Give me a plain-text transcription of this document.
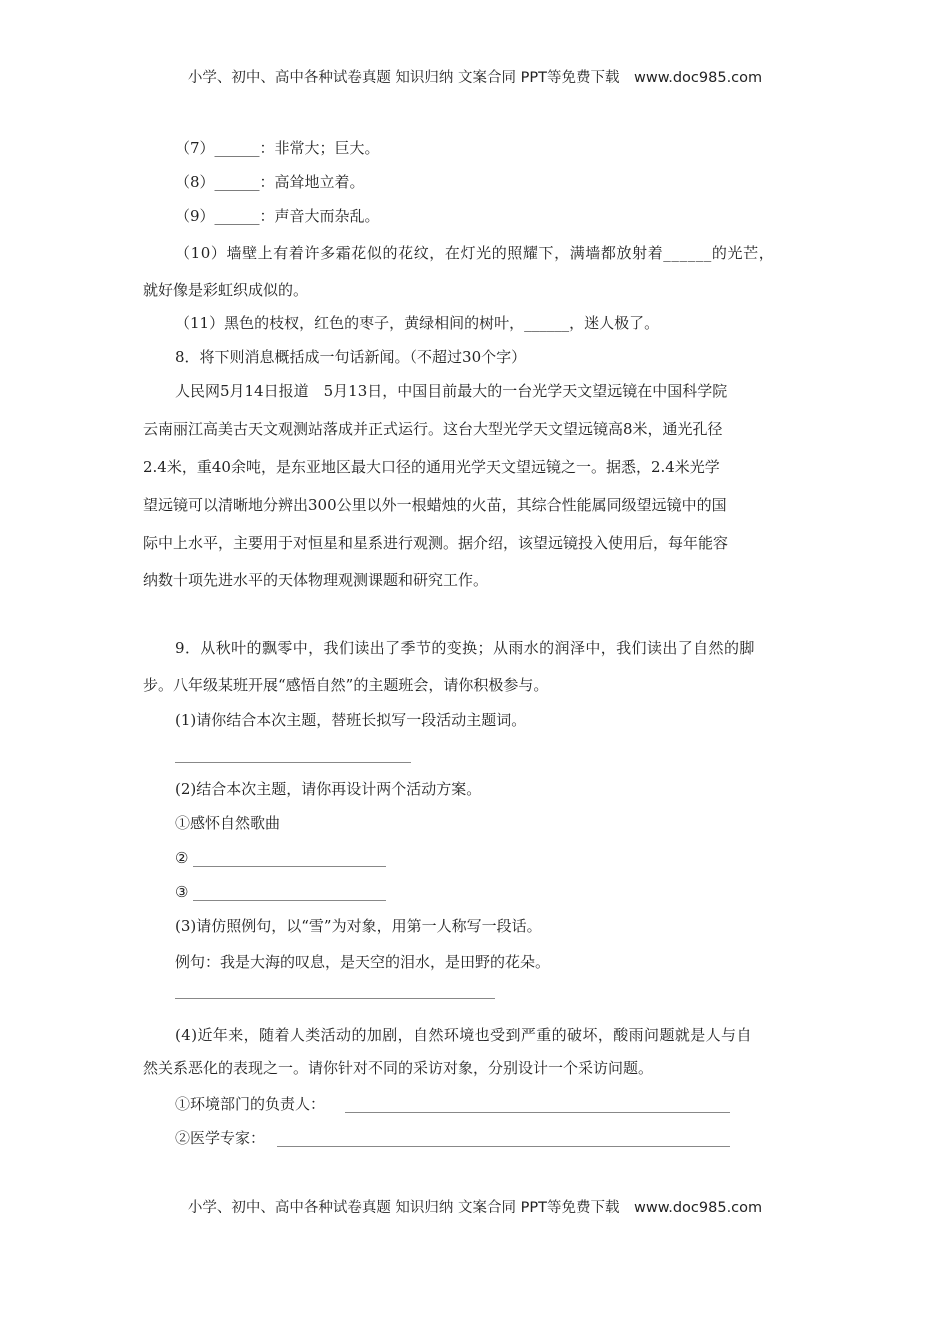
小学、初中、高中各种试卷真题 知识归纳 文案合同 PPT等免费下载　www.doc985.com
（7）______：非常大；巨大。
（8）______：高耸地立着。
（9）______：声音大而杂乱。
（10）墙壁上有着许多霜花似的花纹，在灯光的照耀下，满墙都放射着______的光芒，
就好像是彩虹织成似的。
（11）黑色的枝杈，红色的枣子，黄绿相间的树叶，______，迷人极了。
8．将下则消息概括成一句话新闻。（不超过30个字）
人民网5月14日报道　5月13日，中国目前最大的一台光学天文望远镜在中国科学院
云南丽江高美古天文观测站落成并正式运行。这台大型光学天文望远镜高8米，通光孔径
2.4米，重40余吨，是东亚地区最大口径的通用光学天文望远镜之一。据悉，2.4米光学
望远镜可以清晰地分辨出300公里以外一根蜡烛的火苗，其综合性能属同级望远镜中的国
际中上水平，主要用于对恒星和星系进行观测。据介绍，该望远镜投入使用后，每年能容
纳数十项先进水平的天体物理观测课题和研究工作。
9．从秋叶的飘零中，我们读出了季节的变换；从雨水的润泽中，我们读出了自然的脚
步。八年级某班开展“感悟自然”的主题班会，请你积极参与。
(1)请你结合本次主题，替班长拟写一段活动主题词。
(2)结合本次主题，请你再设计两个活动方案。
①感怀自然歌曲
②
③
(3)请仿照例句，以“雪”为对象，用第一人称写一段话。
例句：我是大海的叹息，是天空的泪水，是田野的花朵。
(4)近年来，随着人类活动的加剧，自然环境也受到严重的破坏，酸雨问题就是人与自
然关系恶化的表现之一。请你针对不同的采访对象，分别设计一个采访问题。
①环境部门的负责人：
②医学专家：
小学、初中、高中各种试卷真题 知识归纳 文案合同 PPT等免费下载　www.doc985.com
